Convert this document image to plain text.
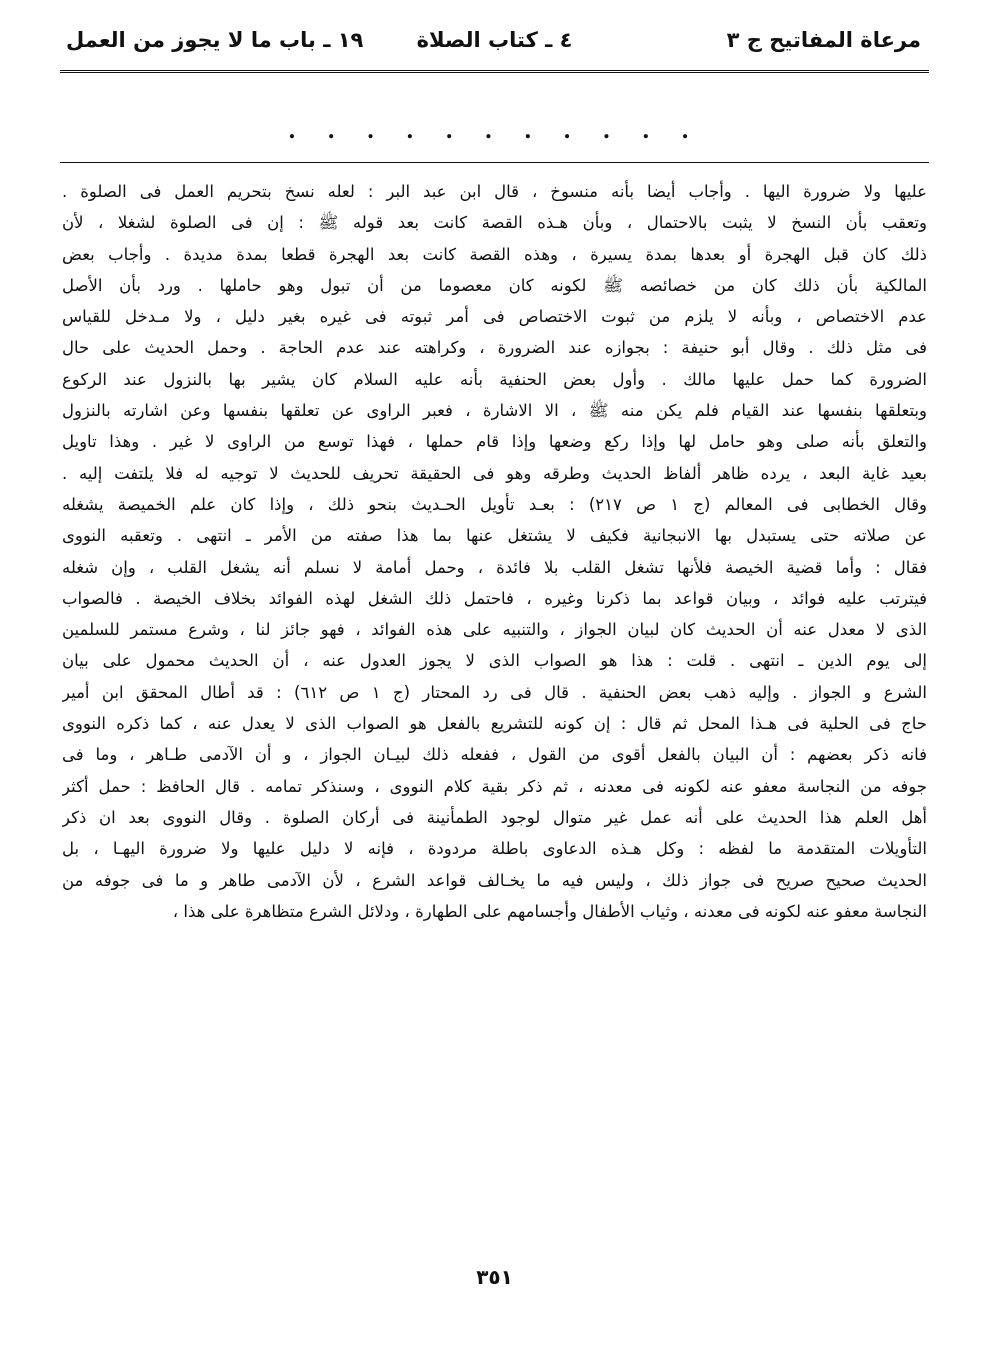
مرعاة المفاتيح ج ٣
٤ ـ كتاب الصلاة
١٩ ـ باب ما لا يجوز من العمل
. . . . . . . . . . .
عليها ولا ضرورة اليها . وأجاب أيضا بأنه منسوخ ، قال ابن عبد البر : لعله نسخ بتحريم العمل فى الصلوة .
وتعقب بأن النسخ لا يثبت بالاحتمال ، وبأن هـذه القصة كانت بعد قوله ﷺ : إن فى الصلوة لشغلا ، لأن
ذلك كان قبل الهجرة أو بعدها بمدة يسيرة ، وهذه القصة كانت بعد الهجرة قطعا بمدة مديدة . وأجاب بعض
المالكية بأن ذلك كان من خصائصه ﷺ لكونه كان معصوما من أن تبول وهو حاملها . ورد بأن الأصل
عدم الاختصاص ، وبأنه لا يلزم من ثبوت الاختصاص فى أمر ثبوته فى غيره بغير دليل ، ولا مـدخل للقياس
فى مثل ذلك . وقال أبو حنيفة : بجوازه عند الضرورة ، وكراهته عند عدم الحاجة . وحمل الحديث على حال
الضرورة كما حمل عليها مالك . وأول بعض الحنفية بأنه عليه السلام كان يشير بها بالنزول عند الركوع
وبتعلقها بنفسها عند القيام فلم يكن منه ﷺ ، الا الاشارة ، فعبر الراوى عن تعلقها بنفسها وعن اشارته بالنزول
والتعلق بأنه صلى وهو حامل لها وإذا ركع وضعها وإذا قام حملها ، فهذا توسع من الراوى لا غير . وهذا تاويل
بعيد غاية البعد ، يرده ظاهر ألفاظ الحديث وطرقه وهو فى الحقيقة تحريف للحديث لا توجيه له فلا يلتفت إليه .
وقال الخطابى فى المعالم (ج ١ ص ٢١٧) : بعـد تأويل الحـديث بنحو ذلك ، وإذا كان علم الخميصة يشغله
عن صلاته حتى يستبدل بها الانبجانية فكيف لا يشتغل عنها بما هذا صفته من الأمر ـ انتهى . وتعقبه النووى
فقال : وأما قضية الخيصة فلأنها تشغل القلب بلا فائدة ، وحمل أمامة لا نسلم أنه يشغل القلب ، وإن شغله
فيترتب عليه فوائد ، وبيان قواعد بما ذكرنا وغيره ، فاحتمل ذلك الشغل لهذه الفوائد بخلاف الخيصة . فالصواب
الذى لا معدل عنه أن الحديث كان لبيان الجواز ، والتنبيه على هذه الفوائد ، فهو جائز لنا ، وشرع مستمر للسلمين
إلى يوم الدين ـ انتهى . قلت : هذا هو الصواب الذى لا يجوز العدول عنه ، أن الحديث محمول على بيان
الشرع و الجواز . وإليه ذهب بعض الحنفية . قال فى رد المحتار (ج ١ ص ٦١٢) : قد أطال المحقق ابن أمير
حاج فى الحلية فى هـذا المحل ثم قال : إن كونه للتشريع بالفعل هو الصواب الذى لا يعدل عنه ، كما ذكره النووى
فانه ذكر بعضهم : أن البيان بالفعل أقوى من القول ، ففعله ذلك لبيـان الجواز ، و أن الآدمى طـاهر ، وما فى
جوفه من النجاسة معفو عنه لكونه فى معدنه ، ثم ذكر بقية كلام النووى ، وسنذكر تمامه . قال الحافظ : حمل أكثر
أهل العلم هذا الحديث على أنه عمل غير متوال لوجود الطمأنينة فى أركان الصلوة . وقال النووى بعد ان ذكر
التأويلات المتقدمة ما لفظه : وكل هـذه الدعاوى باطلة مردودة ، فإنه لا دليل عليها ولا ضرورة اليهـا ، بل
الحديث صحيح صريح فى جواز ذلك ، وليس فيه ما يخـالف قواعد الشرع ، لأن الآدمى طاهر و ما فى جوفه من
النجاسة معفو عنه لكونه فى معدنه ، وثياب الأطفال وأجسامهم على الطهارة ، ودلائل الشرع متظاهرة على هذا ،
٣٥١
